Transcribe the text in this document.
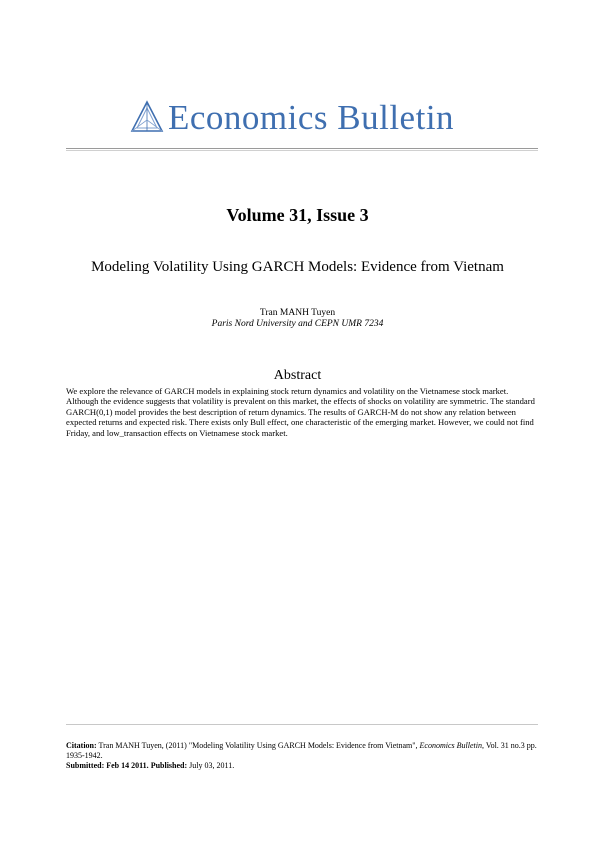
Economics Bulletin
Volume 31, Issue 3
Modeling Volatility Using GARCH Models: Evidence from Vietnam
Tran MANH Tuyen
Paris Nord University and CEPN UMR 7234
Abstract
We explore the relevance of GARCH models in explaining stock return dynamics and volatility on the Vietnamese stock market. Although the evidence suggests that volatility is prevalent on this market, the effects of shocks on volatility are symmetric. The standard GARCH(0,1) model provides the best description of return dynamics. The results of GARCH-M do not show any relation between expected returns and expected risk. There exists only Bull effect, one characteristic of the emerging market. However, we could not find Friday, and low_transaction effects on Vietnamese stock market.
Citation: Tran MANH Tuyen, (2011) "Modeling Volatility Using GARCH Models: Evidence from Vietnam", Economics Bulletin, Vol. 31 no.3 pp. 1935-1942.
Submitted: Feb 14 2011. Published: July 03, 2011.
